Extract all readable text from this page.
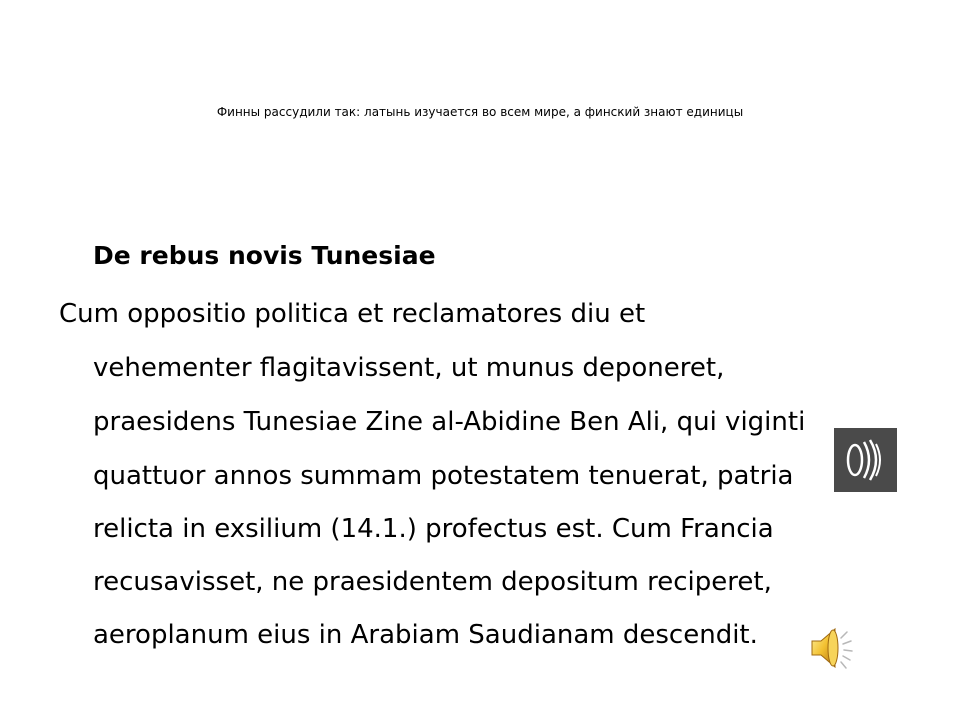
Финны рассудили так: латынь изучается во всем мире, а финский знают единицы
De rebus novis Tunesiae
Cum oppositio politica et reclamatores diu et
vehementer flagitavissent, ut munus deponeret,
praesidens Tunesiae Zine al-Abidine Ben Ali, qui viginti
quattuor annos summam potestatem tenuerat, patria
relicta in exsilium (14.1.) profectus est. Cum Francia
recusavisset, ne praesidentem depositum reciperet,
aeroplanum eius in Arabiam Saudianam descendit.
